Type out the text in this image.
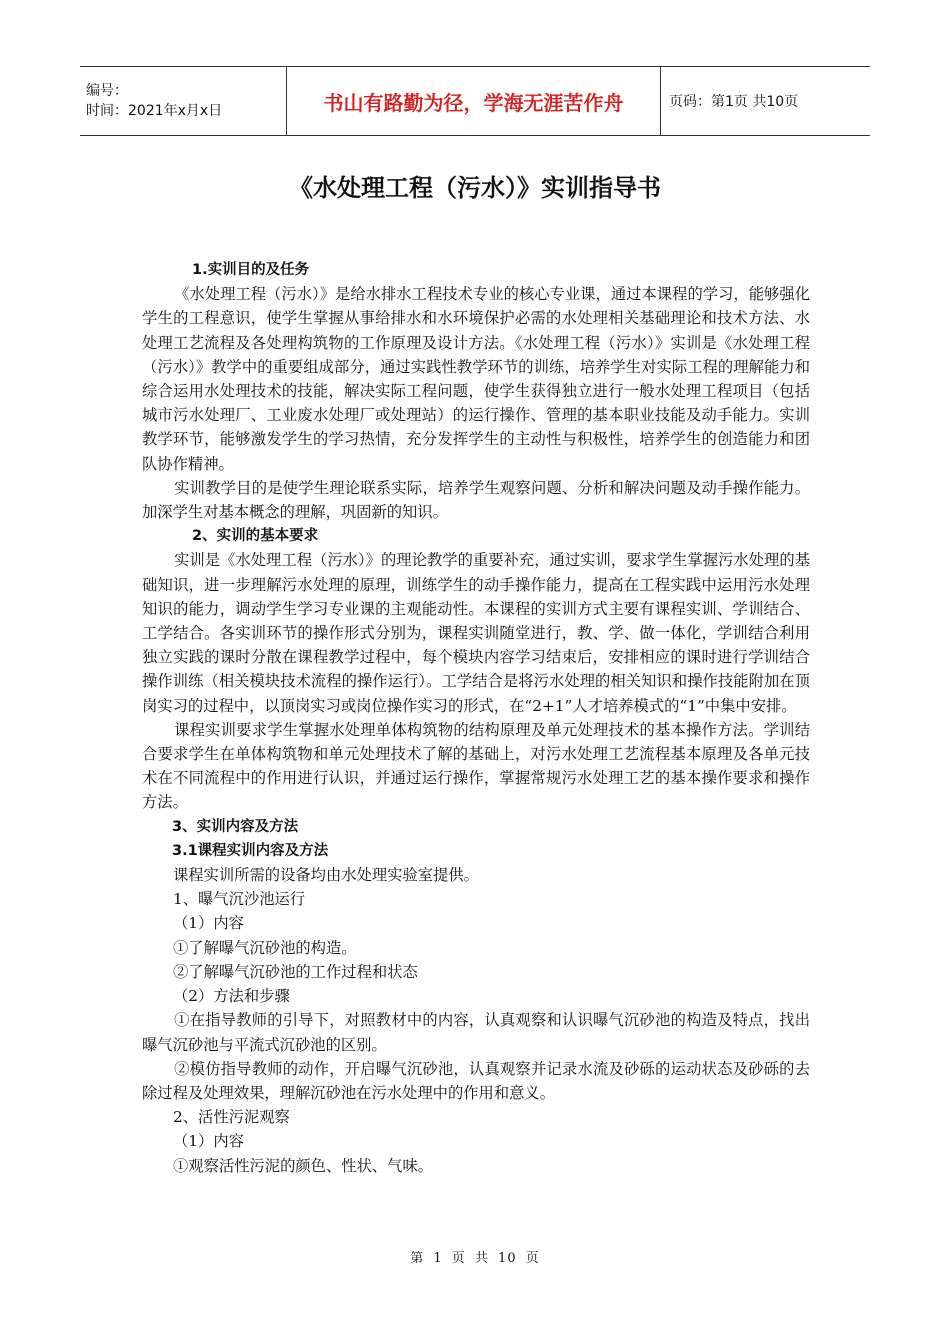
编号：
时间：2021年x月x日	书山有路勤为径，学海无涯苦作舟	页码：第1页 共10页
《水处理工程（污水）》实训指导书

1.实训目的及任务

《水处理工程（污水）》是给水排水工程技术专业的核心专业课，通过本课程的学习，能够强化学生的工程意识，使学生掌握从事给排水和水环境保护必需的水处理相关基础理论和技术方法、水处理工艺流程及各处理构筑物的工作原理及设计方法。《水处理工程（污水）》实训是《水处理工程（污水）》教学中的重要组成部分，通过实践性教学环节的训练，培养学生对实际工程的理解能力和综合运用水处理技术的技能，解决实际工程问题，使学生获得独立进行一般水处理工程项目（包括城市污水处理厂、工业废水处理厂或处理站）的运行操作、管理的基本职业技能及动手能力。实训教学环节，能够激发学生的学习热情，充分发挥学生的主动性与积极性，培养学生的创造能力和团队协作精神。

实训教学目的是使学生理论联系实际，培养学生观察问题、分析和解决问题及动手操作能力。加深学生对基本概念的理解，巩固新的知识。

2、实训的基本要求

实训是《水处理工程（污水）》的理论教学的重要补充，通过实训，要求学生掌握污水处理的基础知识，进一步理解污水处理的原理，训练学生的动手操作能力，提高在工程实践中运用污水处理知识的能力，调动学生学习专业课的主观能动性。本课程的实训方式主要有课程实训、学训结合、工学结合。各实训环节的操作形式分别为，课程实训随堂进行，教、学、做一体化，学训结合利用独立实践的课时分散在课程教学过程中，每个模块内容学习结束后，安排相应的课时进行学训结合操作训练（相关模块技术流程的操作运行）。工学结合是将污水处理的相关知识和操作技能附加在顶岗实习的过程中，以顶岗实习或岗位操作实习的形式，在“2+1”人才培养模式的“1”中集中安排。

课程实训要求学生掌握水处理单体构筑物的结构原理及单元处理技术的基本操作方法。学训结合要求学生在单体构筑物和单元处理技术了解的基础上，对污水处理工艺流程基本原理及各单元技术在不同流程中的作用进行认识，并通过运行操作，掌握常规污水处理工艺的基本操作要求和操作方法。

3、实训内容及方法

3.1课程实训内容及方法

课程实训所需的设备均由水处理实验室提供。

1、曝气沉沙池运行

（1）内容

①了解曝气沉砂池的构造。

②了解曝气沉砂池的工作过程和状态

（2）方法和步骤

①在指导教师的引导下，对照教材中的内容，认真观察和认识曝气沉砂池的构造及特点，找出曝气沉砂池与平流式沉砂池的区别。

②模仿指导教师的动作，开启曝气沉砂池，认真观察并记录水流及砂砾的运动状态及砂砾的去除过程及处理效果，理解沉砂池在污水处理中的作用和意义。

2、活性污泥观察

（1）内容

①观察活性污泥的颜色、性状、气味。

第 1 页 共 10 页
